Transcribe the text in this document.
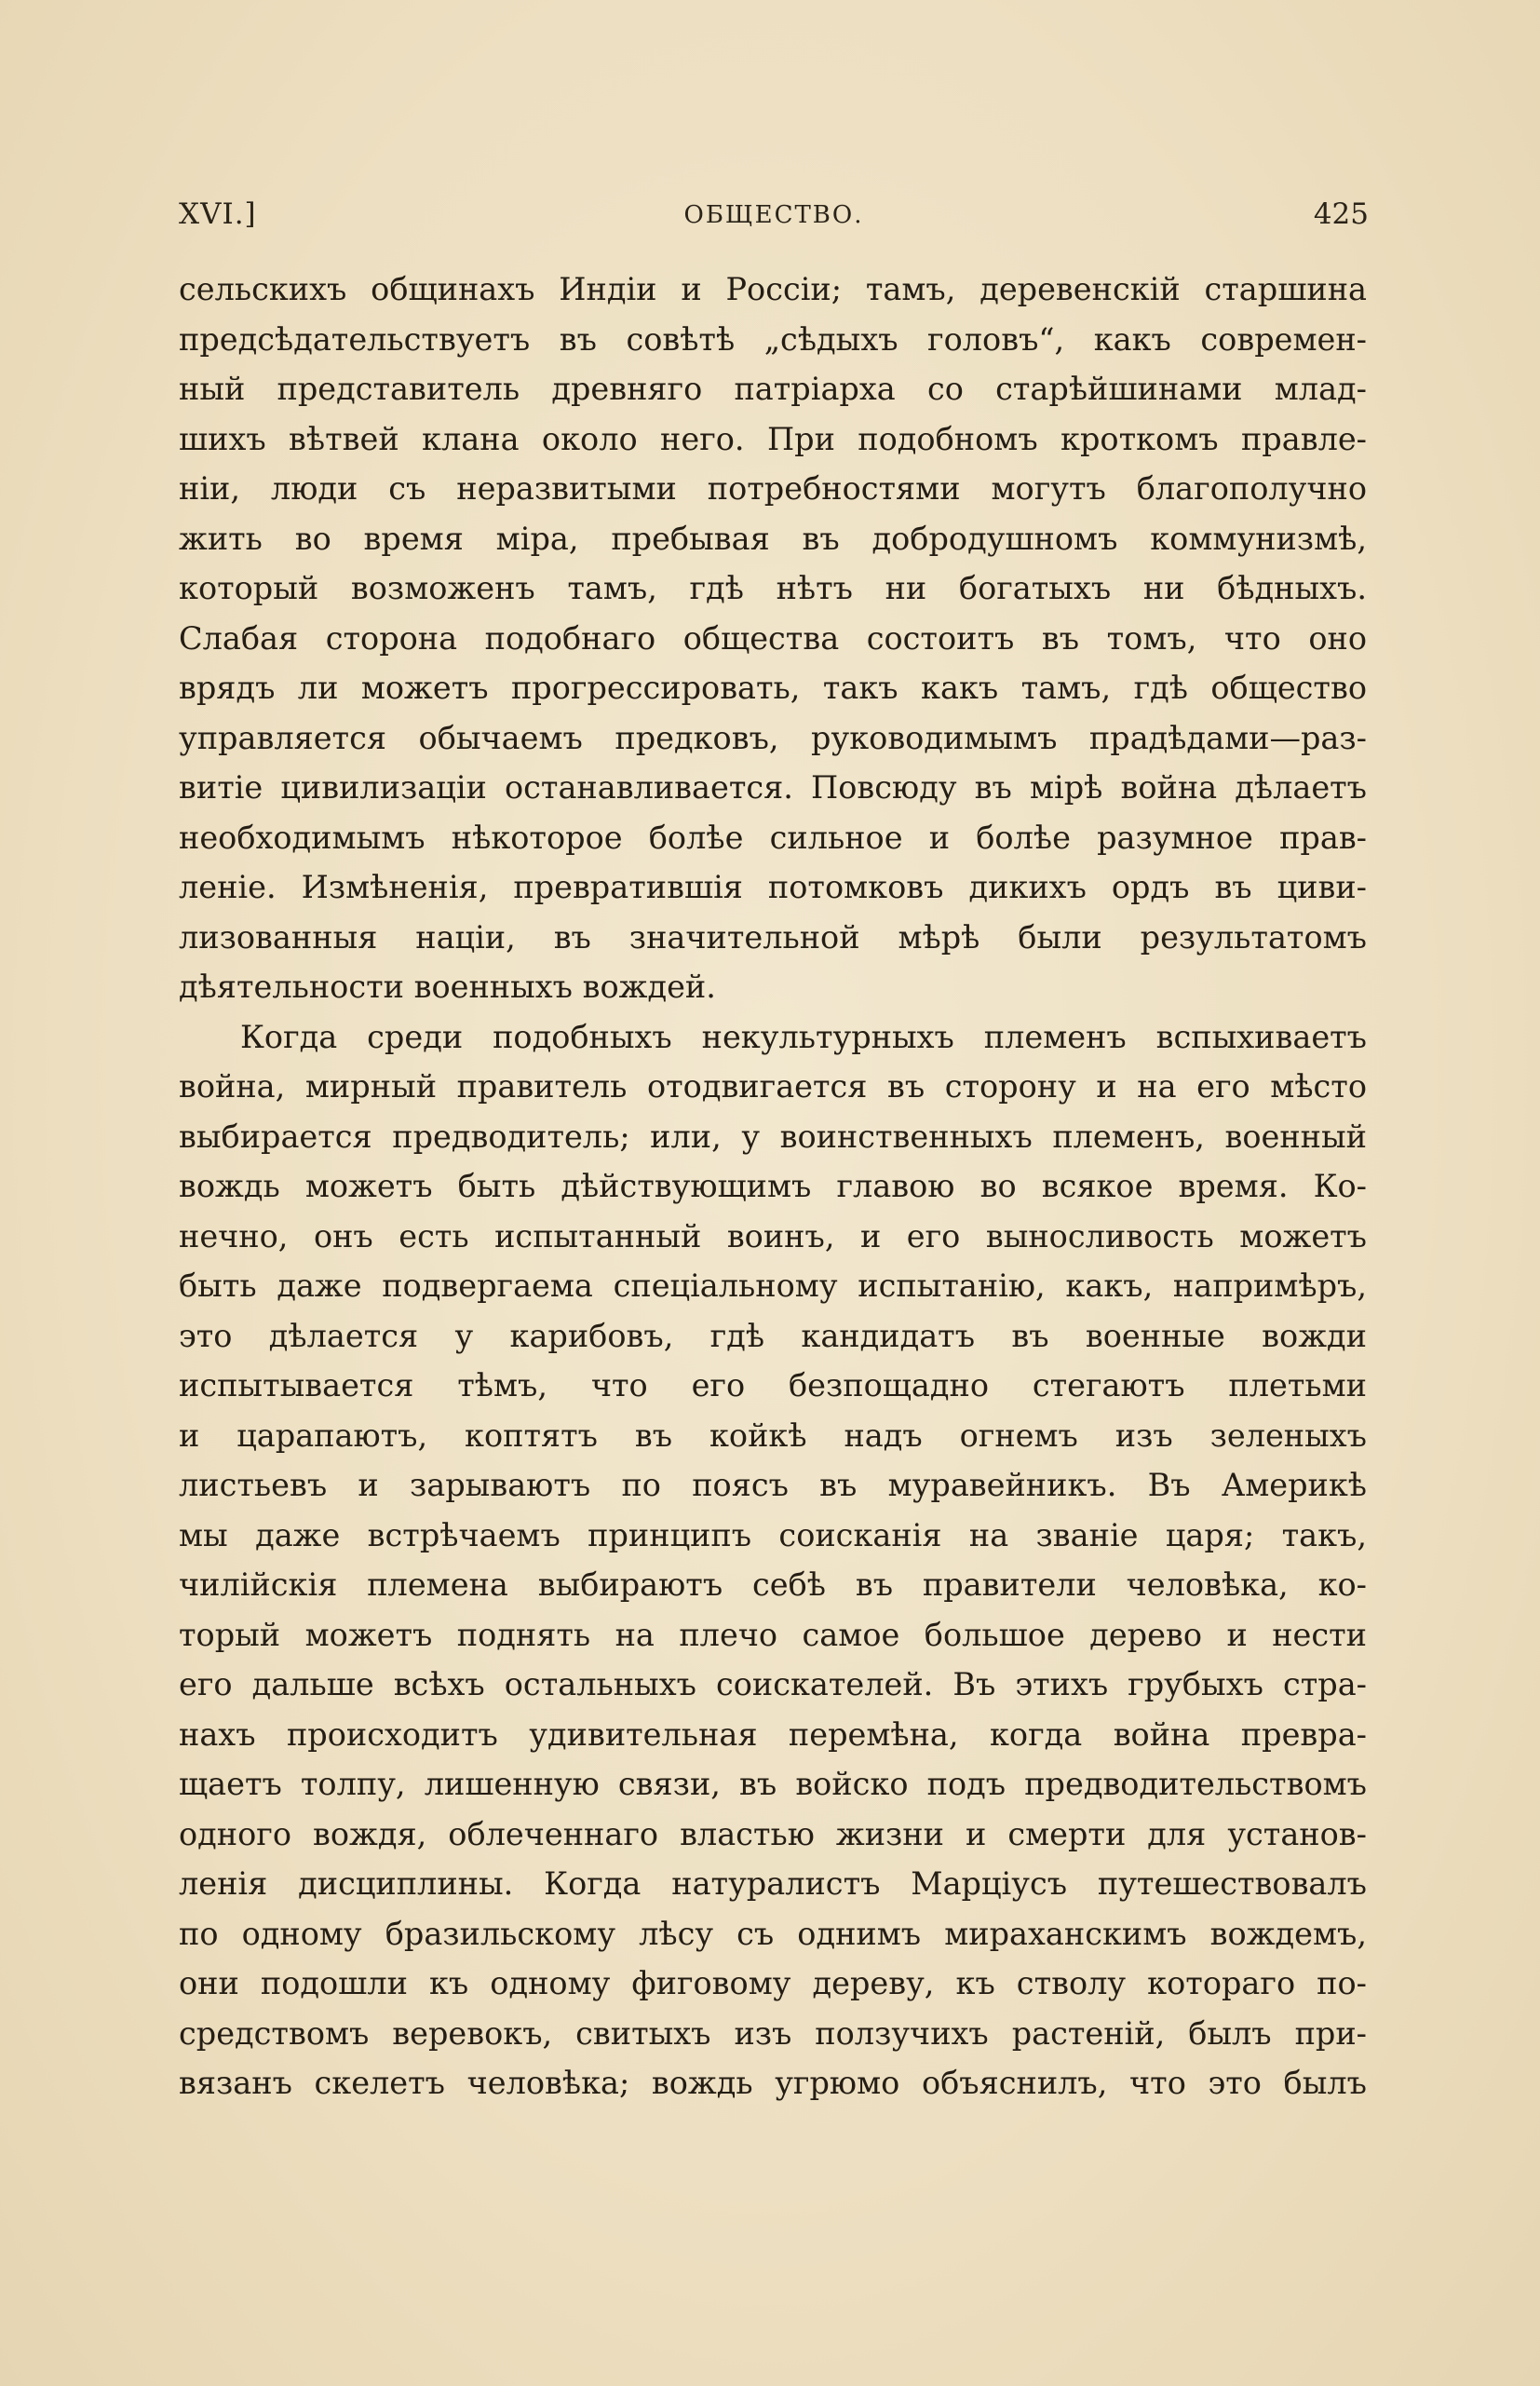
XVI.]	ОБЩЕСТВО.	425
сельскихъ общинахъ Индіи и Россіи; тамъ, деревенскій старшина
предсѣдательствуетъ въ совѣтѣ „сѣдыхъ головъ“, какъ современ-
ный представитель древняго патріарха со старѣйшинами млад-
шихъ вѣтвей клана около него. При подобномъ кроткомъ правле-
ніи, люди съ неразвитыми потребностями могутъ благополучно
жить во время міра, пребывая въ добродушномъ коммунизмѣ,
который возможенъ тамъ, гдѣ нѣтъ ни богатыхъ ни бѣдныхъ.
Слабая сторона подобнаго общества состоитъ въ томъ, что оно
врядъ ли можетъ прогрессировать, такъ какъ тамъ, гдѣ общество
управляется обычаемъ предковъ, руководимымъ прадѣдами—раз-
витіе цивилизаціи останавливается. Повсюду въ мірѣ война дѣлаетъ
необходимымъ нѣкоторое болѣе сильное и болѣе разумное прав-
леніе. Измѣненія, превратившія потомковъ дикихъ ордъ въ циви-
лизованныя націи, въ значительной мѣрѣ были результатомъ
дѣятельности военныхъ вождей.
Когда среди подобныхъ некультурныхъ племенъ вспыхиваетъ
война, мирный правитель отодвигается въ сторону и на его мѣсто
выбирается предводитель; или, у воинственныхъ племенъ, военный
вождь можетъ быть дѣйствующимъ главою во всякое время. Ко-
нечно, онъ есть испытанный воинъ, и его выносливость можетъ
быть даже подвергаема спеціальному испытанію, какъ, напримѣръ,
это дѣлается у карибовъ, гдѣ кандидатъ въ военные вожди
испытывается тѣмъ, что его безпощадно стегаютъ плетьми
и царапаютъ, коптятъ въ койкѣ надъ огнемъ изъ зеленыхъ
листьевъ и зарываютъ по поясъ въ муравейникъ. Въ Америкѣ
мы даже встрѣчаемъ принципъ соисканія на званіе царя; такъ,
чилійскія племена выбираютъ себѣ въ правители человѣка, ко-
торый можетъ поднять на плечо самое большое дерево и нести
его дальше всѣхъ остальныхъ соискателей. Въ этихъ грубыхъ стра-
нахъ происходитъ удивительная перемѣна, когда война превра-
щаетъ толпу, лишенную связи, въ войско подъ предводительствомъ
одного вождя, облеченнаго властью жизни и смерти для установ-
ленія дисциплины. Когда натуралистъ Марціусъ путешествовалъ
по одному бразильскому лѣсу съ однимъ мираханскимъ вождемъ,
они подошли къ одному фиговому дереву, къ стволу котораго по-
средствомъ веревокъ, свитыхъ изъ ползучихъ растеній, былъ при-
вязанъ скелетъ человѣка; вождь угрюмо объяснилъ, что это былъ
